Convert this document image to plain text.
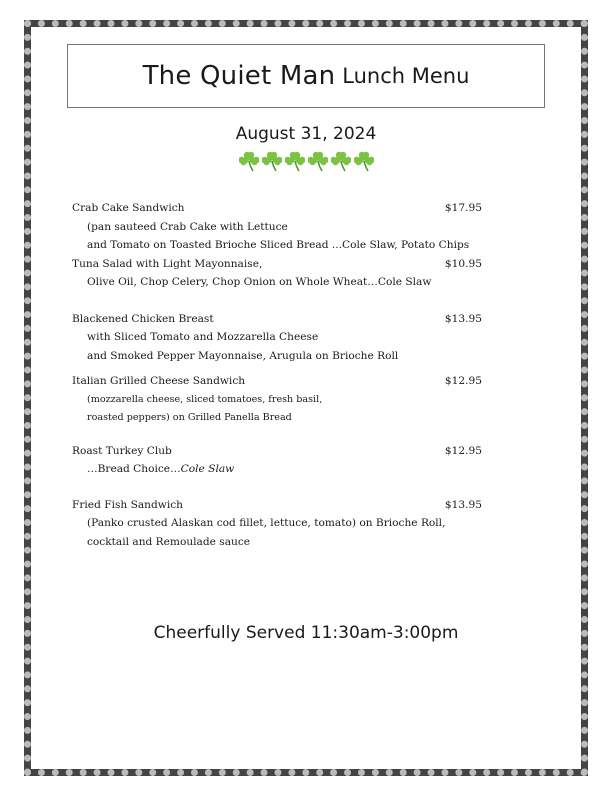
The Quiet Man Lunch Menu
August 31, 2024
Crab Cake Sandwich	$17.95
(pan sauteed Crab Cake with Lettuce
and Tomato on Toasted Brioche Sliced Bread ...Cole Slaw, Potato Chips
Tuna Salad with Light Mayonnaise,	$10.95
Olive Oil, Chop Celery, Chop Onion on Whole Wheat…Cole Slaw
Blackened Chicken Breast	$13.95
with Sliced Tomato and Mozzarella Cheese
and Smoked Pepper Mayonnaise, Arugula on Brioche Roll
Italian Grilled Cheese Sandwich	$12.95
(mozzarella cheese, sliced tomatoes, fresh basil,
roasted peppers) on Grilled Panella Bread
Roast Turkey Club	$12.95
…Bread Choice…Cole Slaw
Fried Fish Sandwich	$13.95
(Panko crusted Alaskan cod fillet, lettuce, tomato) on Brioche Roll,
cocktail and Remoulade sauce
Cheerfully Served 11:30am-3:00pm
